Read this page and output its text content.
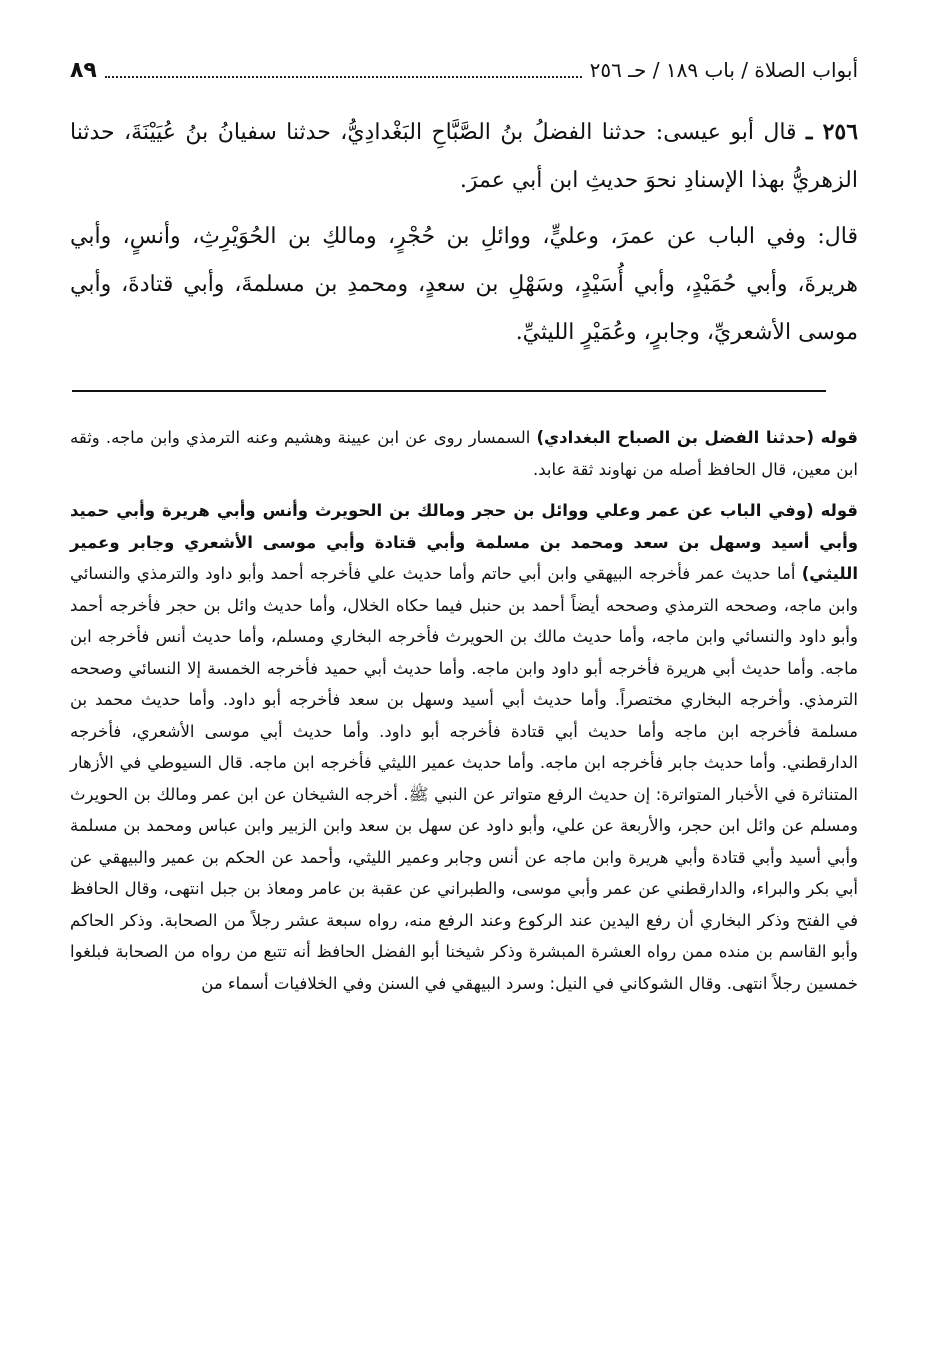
أبواب الصلاة / باب ١٨٩ / حـ ٢٥٦
٨٩

٢٥٦ ـ قال أبو عيسى: حدثنا الفضلُ بنُ الصَّبَّاحِ البَغْدادِيُّ، حدثنا سفيانُ بنُ عُيَيْنَةَ، حدثنا الزهريُّ بهذا الإسنادِ نحوَ حديثِ ابن أبي عمرَ.

قال: وفي الباب عن عمرَ، وعليٍّ، ووائلِ بن حُجْرٍ، ومالكِ بن الحُوَيْرِثِ، وأنسٍ، وأبي هريرةَ، وأبي حُمَيْدٍ، وأبي أُسَيْدٍ، وسَهْلِ بن سعدٍ، ومحمدِ بن مسلمةَ، وأبي قتادةَ، وأبي موسى الأشعريِّ، وجابرٍ، وعُمَيْرٍ الليثيِّ.

قوله (حدثنا الفضل بن الصباح البغدادي) السمسار روى عن ابن عيينة وهشيم وعنه الترمذي وابن ماجه. وثقه ابن معين، قال الحافظ أصله من نهاوند ثقة عابد.

قوله (وفي الباب عن عمر وعلي ووائل بن حجر ومالك بن الحويرث وأنس وأبي هريرة وأبي حميد وأبي أسيد وسهل بن سعد ومحمد بن مسلمة وأبي قتادة وأبي موسى الأشعري وجابر وعمير الليثي) أما حديث عمر فأخرجه البيهقي وابن أبي حاتم وأما حديث علي فأخرجه أحمد وأبو داود والترمذي والنسائي وابن ماجه، وصححه الترمذي وصححه أيضاً أحمد بن حنبل فيما حكاه الخلال، وأما حديث وائل بن حجر فأخرجه أحمد وأبو داود والنسائي وابن ماجه، وأما حديث مالك بن الحويرث فأخرجه البخاري ومسلم، وأما حديث أنس فأخرجه ابن ماجه. وأما حديث أبي هريرة فأخرجه أبو داود وابن ماجه. وأما حديث أبي حميد فأخرجه الخمسة إلا النسائي وصححه الترمذي. وأخرجه البخاري مختصراً. وأما حديث أبي أسيد وسهل بن سعد فأخرجه أبو داود. وأما حديث محمد بن مسلمة فأخرجه ابن ماجه وأما حديث أبي قتادة فأخرجه أبو داود. وأما حديث أبي موسى الأشعري، فأخرجه الدارقطني. وأما حديث جابر فأخرجه ابن ماجه. وأما حديث عمير الليثي فأخرجه ابن ماجه. قال السيوطي في الأزهار المتناثرة في الأخبار المتواترة: إن حديث الرفع متواتر عن النبي ﷺ. أخرجه الشيخان عن ابن عمر ومالك بن الحويرث ومسلم عن وائل ابن حجر، والأربعة عن علي، وأبو داود عن سهل بن سعد وابن الزبير وابن عباس ومحمد بن مسلمة وأبي أسيد وأبي قتادة وأبي هريرة وابن ماجه عن أنس وجابر وعمير الليثي، وأحمد عن الحكم بن عمير والبيهقي عن أبي بكر والبراء، والدارقطني عن عمر وأبي موسى، والطبراني عن عقبة بن عامر ومعاذ بن جبل انتهى، وقال الحافظ في الفتح وذكر البخاري أن رفع اليدين عند الركوع وعند الرفع منه، رواه سبعة عشر رجلاً من الصحابة. وذكر الحاكم وأبو القاسم بن منده ممن رواه العشرة المبشرة وذكر شيخنا أبو الفضل الحافظ أنه تتبع من رواه من الصحابة فبلغوا خمسين رجلاً انتهى. وقال الشوكاني في النيل: وسرد البيهقي في السنن وفي الخلافيات أسماء من
